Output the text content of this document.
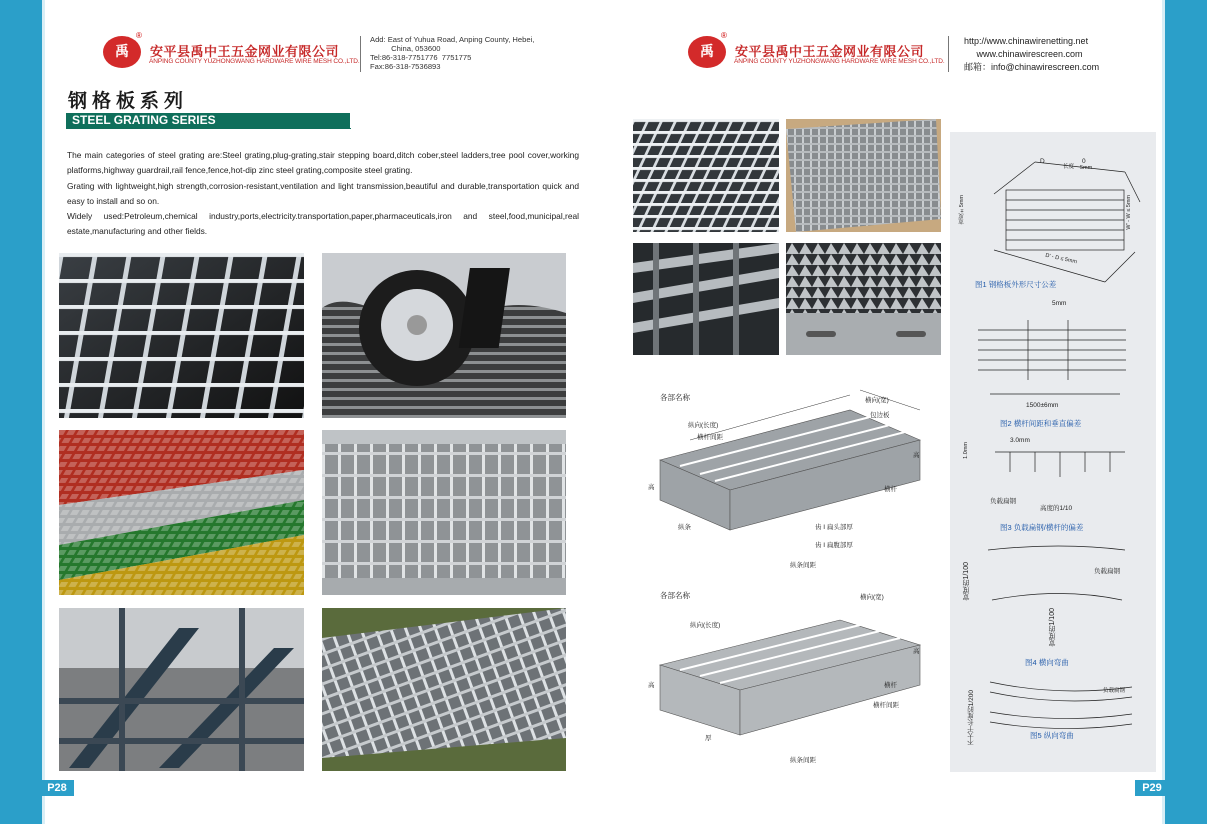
禹
®
安平县禹中王五金网业有限公司
ANPING COUNTY YUZHONGWANG HARDWARE WIRE MESH CO.,LTD.
Add: East of Yuhua Road, Anping County, Hebei,
China, 053600
Tel:86-318-7751776  7751775
Fax:86-318-7536893
禹
®
安平县禹中王五金网业有限公司
ANPING COUNTY YUZHONGWANG HARDWARE WIRE MESH CO.,LTD.
http://www.chinawirenetting.net
www.chinawirescreen.com
邮箱：info@chinawirescreen.com
钢格板系列
STEEL GRATING SERIES

The main categories of steel grating are:Steel grating,plug-grating,stair stepping board,ditch cober,steel ladders,tree pool cover,working platforms,highway guardrail,rail fence,fence,hot-dip zinc steel grating,composite steel grating.

Grating with lightweight,high strength,corrosion-resistant,ventilation and light transmission,beautiful and durable,transportation quick and easy to install and so on.

Widely used:Petroleum,chemical industry,ports,electricity.transportation,paper,pharmaceuticals,iron and steel,food,municipal,real estate,manufacturing and other fields.

P28
各部名称	横向(宽)
纵向(长度)
横杆间距
包边板
高
高	横杆
纵条	齿 I 扁头部厚
齿 I 扁腹部厚
纵条间距
各部名称	横向(宽)
纵向(长度)
高
高	横杆
横杆间距
厚
纵条间距
D
长度
0
5mm
宽度±5mm	W' - W ≤ 5mm
D' - D ≤ 5mm
图1 钢格板外形尺寸公差
5mm
1500±6mm
图2 横杆间距和垂直偏差
3.0mm
1.0mm
负载扁钢
高度的1/10
图3 负载扁钢/横杆的偏差
宽度的1/100	负载扁钢
宽度的1/100
图4 横向弯曲
不大于长度的1/200	负载扁钢
图5 纵向弯曲
P29
